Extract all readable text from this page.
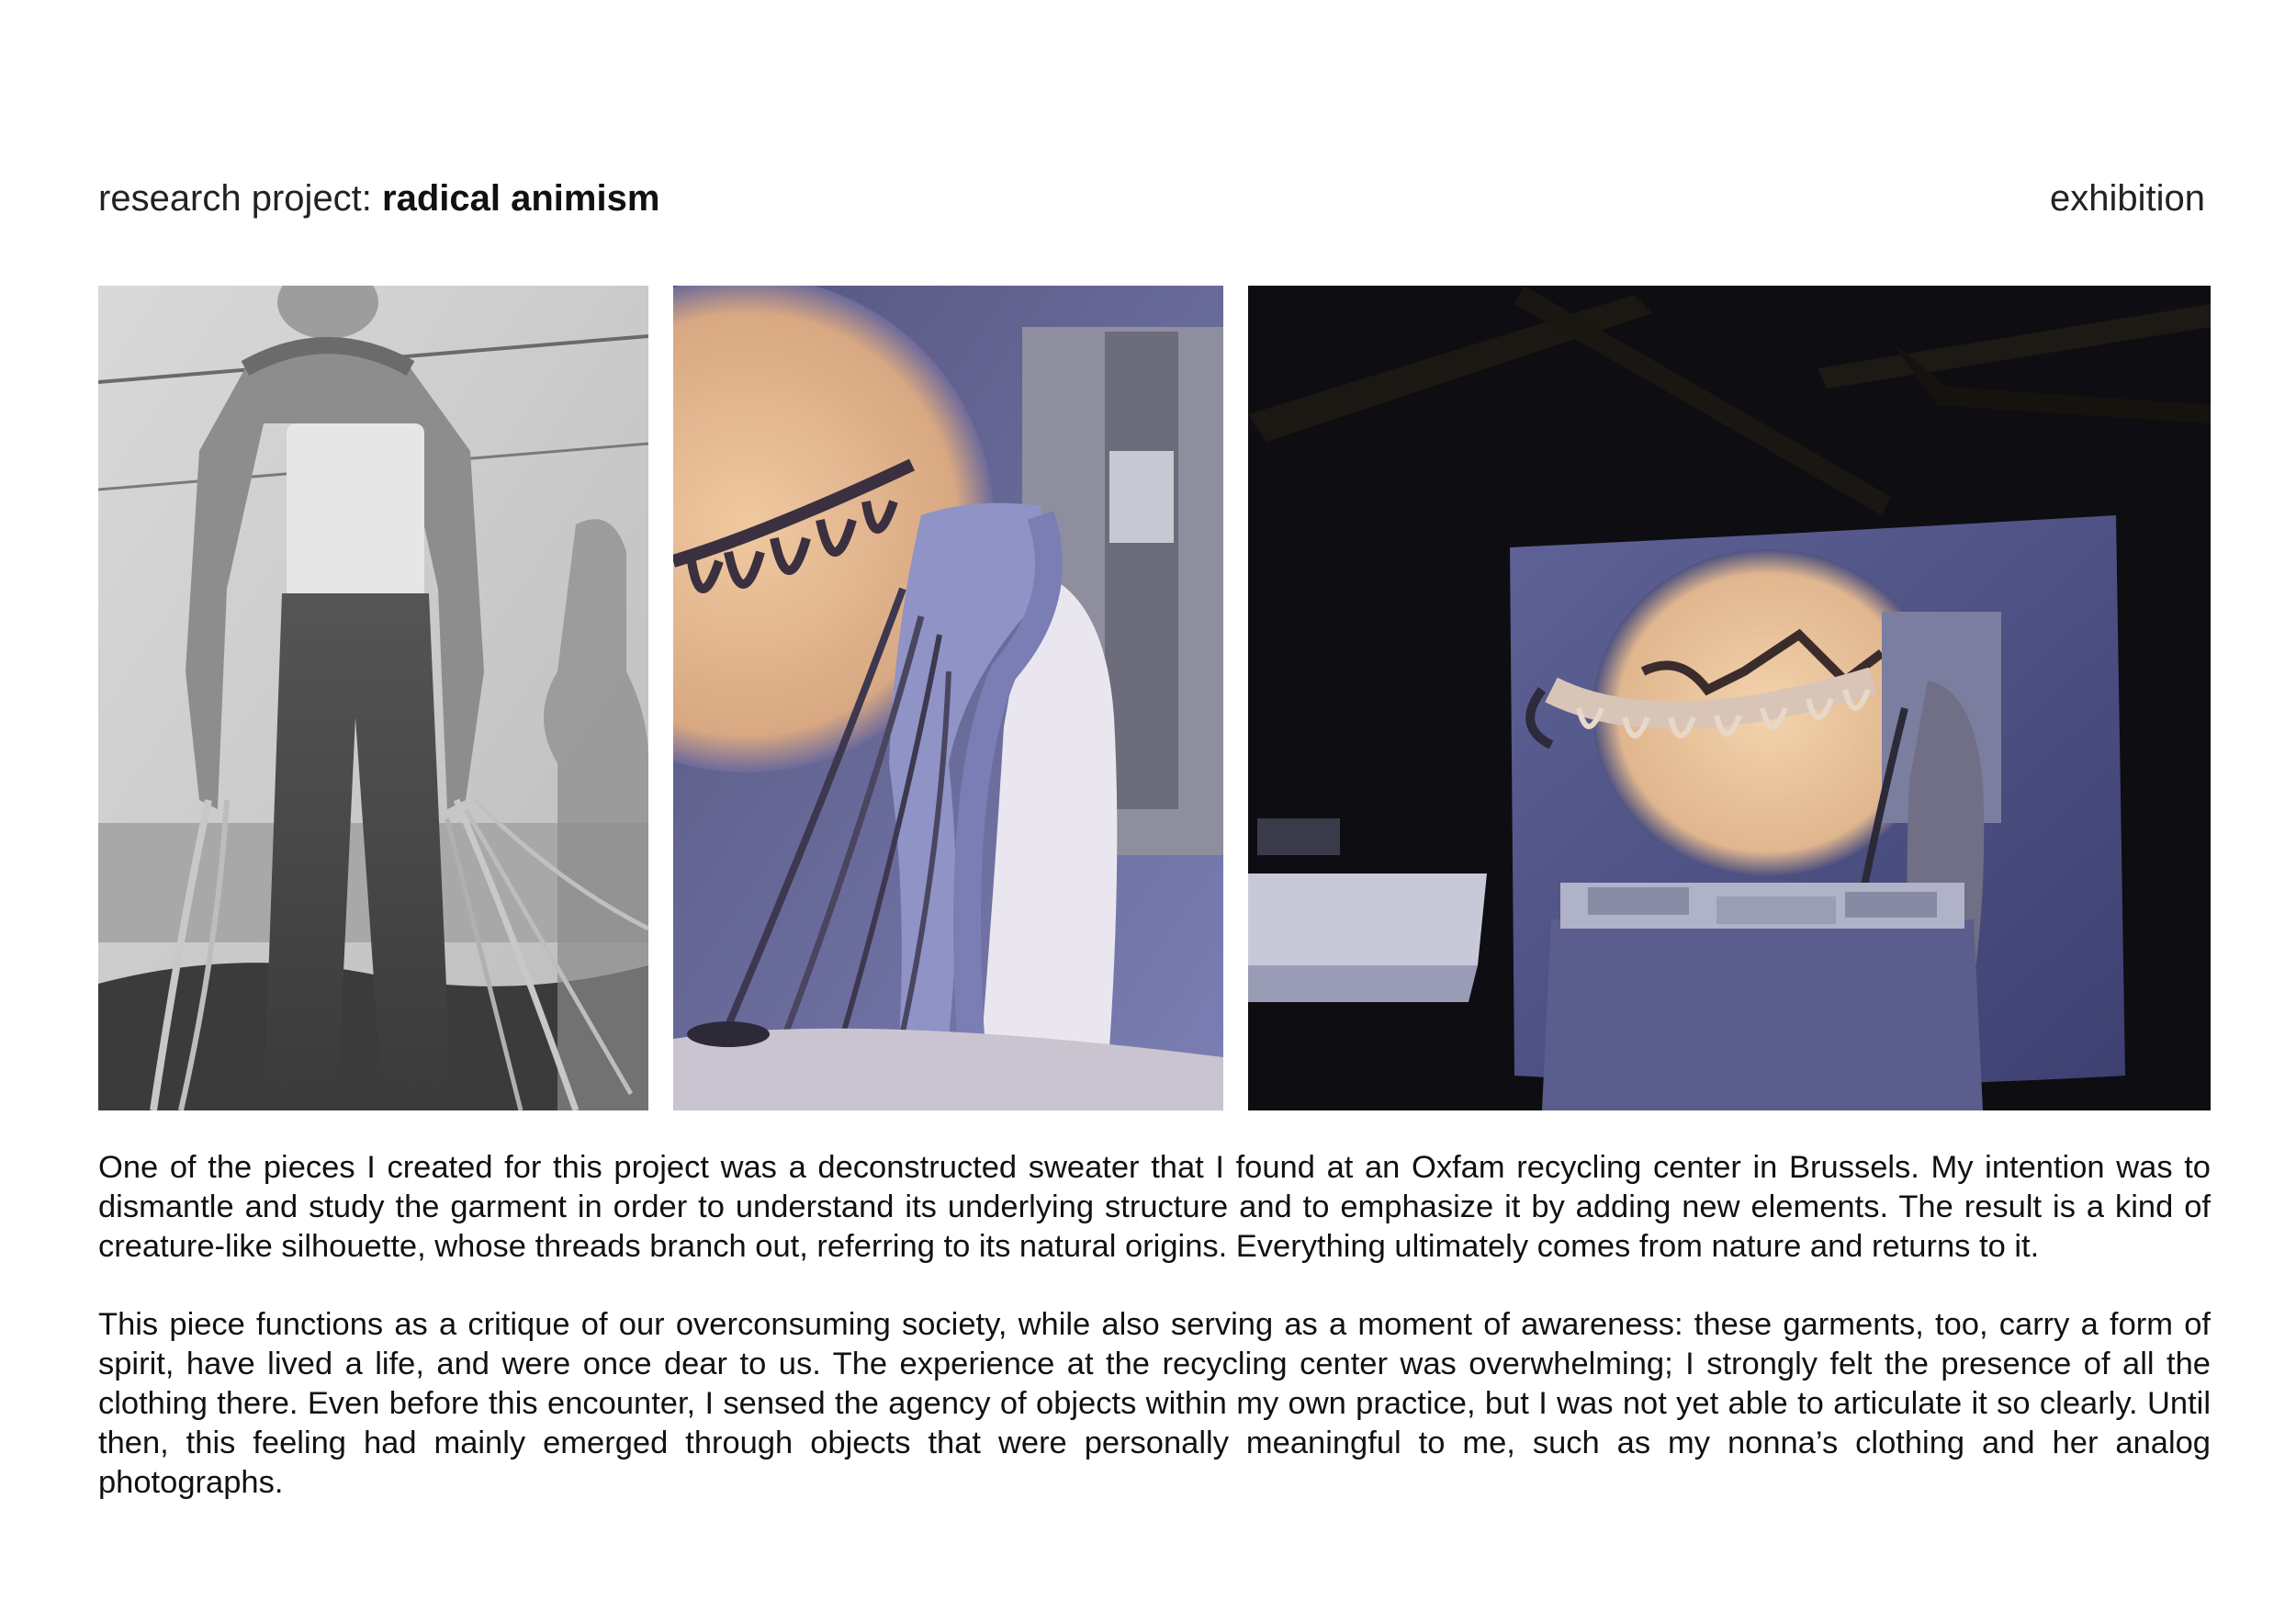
research project: radical animism	exhibition

One of the pieces I created for this project was a deconstructed sweater that I found at an Oxfam recycling center in Brussels. My intention was to dismantle and study the garment in order to understand its underlying structure and to emphasize it by adding new elements. The result is a kind of creature-like silhouette, whose threads branch out, referring to its natural origins. Everything ultimately comes from nature and returns to it.

This piece functions as a critique of our overconsuming society, while also serving as a moment of awareness: these garments, too, carry a form of spirit, have lived a life, and were once dear to us. The experience at the recycling center was overwhelming; I strongly felt the presence of all the clothing there. Even before this encounter, I sensed the agency of objects within my own practice, but I was not yet able to articulate it so clearly. Until then, this feeling had mainly emerged through objects that were personally meaningful to me, such as my nonna’s clothing and her analog photographs.
